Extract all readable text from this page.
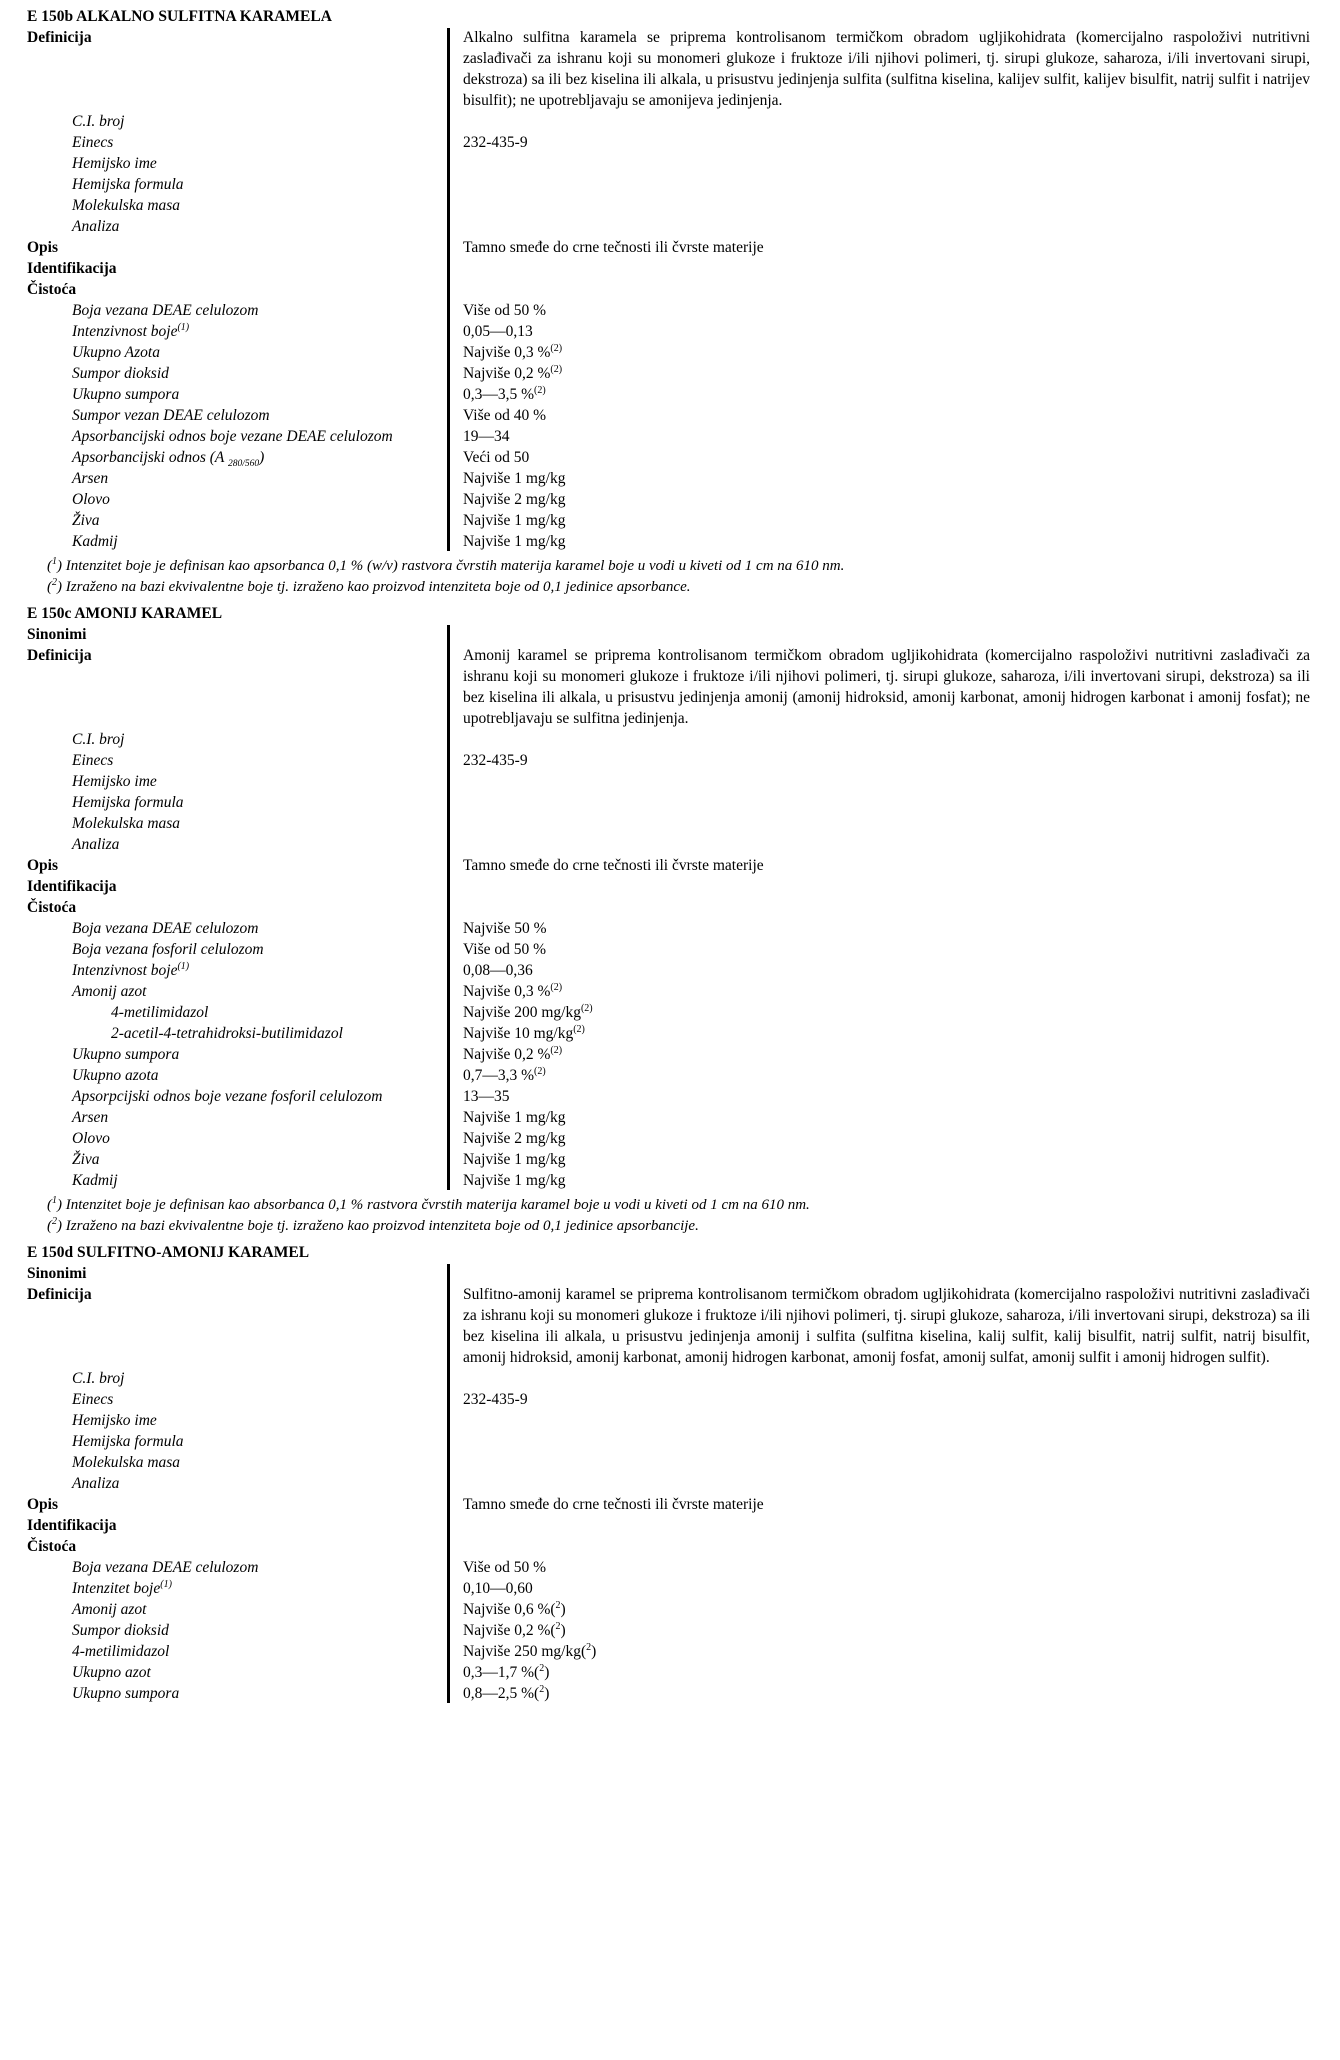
E 150b ALKALNO SULFITNA KARAMELA
Definicija	Alkalno sulfitna karamela se priprema kontrolisanom termičkom obradom ugljikohidrata (komercijalno raspoloživi nutritivni zaslađivači za ishranu koji su monomeri glukoze i fruktoze i/ili njihovi polimeri, tj. sirupi glukoze, saharoza, i/ili invertovani sirupi, dekstroza) sa ili bez kiselina ili alkala, u prisustvu jedinjenja sulfita (sulfitna kiselina, kalijev sulfit, kalijev bisulfit, natrij sulfit i natrijev bisulfit); ne upotrebljavaju se amonijeva jedinjenja.
C.I. broj
Einecs	232-435-9
Hemijsko ime
Hemijska formula
Molekulska masa
Analiza
Opis	Tamno smeđe do crne tečnosti ili čvrste materije
Identifikacija
Čistoća
Boja vezana DEAE celulozom	Više od 50 %
Intenzivnost boje$^{(1)}$	0,05—0,13
Ukupno Azota	Najviše 0,3 %$^{(2)}$
Sumpor dioksid	Najviše 0,2 %$^{(2)}$
Ukupno sumpora	0,3—3,5 %$^{(2)}$
Sumpor vezan DEAE celulozom	Više od 40 %
Apsorbancijski odnos boje vezane DEAE celulozom	19—34
Apsorbancijski odnos (A $_{280/560}$)	Veći od 50
Arsen	Najviše 1 mg/kg
Olovo	Najviše 2 mg/kg
Živa	Najviše 1 mg/kg
Kadmij	Najviše 1 mg/kg
($^1$) Intenzitet boje je definisan kao apsorbanca 0,1 % (w/v) rastvora čvrstih materija karamel boje u vodi u kiveti od 1 cm na 610 nm.
($^2$) Izraženo na bazi ekvivalentne boje tj. izraženo kao proizvod intenziteta boje od 0,1 jedinice apsorbance.
E 150c AMONIJ KARAMEL
Sinonimi
Definicija	Amonij karamel se priprema kontrolisanom termičkom obradom ugljikohidrata (komercijalno raspoloživi nutritivni zaslađivači za ishranu koji su monomeri glukoze i fruktoze i/ili njihovi polimeri, tj. sirupi glukoze, saharoza, i/ili invertovani sirupi, dekstroza) sa ili bez kiselina ili alkala, u prisustvu jedinjenja amonij (amonij hidroksid, amonij karbonat, amonij hidrogen karbonat i amonij fosfat); ne upotrebljavaju se sulfitna jedinjenja.
C.I. broj
Einecs	232-435-9
Hemijsko ime
Hemijska formula
Molekulska masa
Analiza
Opis	Tamno smeđe do crne tečnosti ili čvrste materije
Identifikacija
Čistoća
Boja vezana DEAE celulozom	Najviše 50 %
Boja vezana fosforil celulozom	Više od 50 %
Intenzivnost boje$^{(1)}$	0,08—0,36
Amonij azot	Najviše 0,3 %$^{(2)}$
4-metilimidazol	Najviše 200 $mg/kg^{(2)}$
2-acetil-4-tetrahidroksi-butilimidazol	Najviše 10 $mg/kg^{(2)}$
Ukupno sumpora	Najviše 0,2 %$^{(2)}$
Ukupno azota	0,7—3,3 %$^{(2)}$
Apsorpcijski odnos boje vezane fosforil celulozom	13—35
Arsen	Najviše 1 mg/kg
Olovo	Najviše 2 mg/kg
Živa	Najviše 1 mg/kg
Kadmij	Najviše 1 mg/kg
($^1$) Intenzitet boje je definisan kao absorbanca 0,1 % rastvora čvrstih materija karamel boje u vodi u kiveti od 1 cm na 610 nm.
($^2$) Izraženo na bazi ekvivalentne boje tj. izraženo kao proizvod intenziteta boje od 0,1 jedinice apsorbancije.
E 150d SULFITNO-AMONIJ KARAMEL
Sinonimi
Definicija	Sulfitno-amonij karamel se priprema kontrolisanom termičkom obradom ugljikohidrata (komercijalno raspoloživi nutritivni zaslađivači za ishranu koji su monomeri glukoze i fruktoze i/ili njihovi polimeri, tj. sirupi glukoze, saharoza, i/ili invertovani sirupi, dekstroza) sa ili bez kiselina ili alkala, u prisustvu jedinjenja amonij i sulfita (sulfitna kiselina, kalij sulfit, kalij bisulfit, natrij sulfit, natrij bisulfit, amonij hidroksid, amonij karbonat, amonij hidrogen karbonat, amonij fosfat, amonij sulfat, amonij sulfit i amonij hidrogen sulfit).
C.I. broj
Einecs	232-435-9
Hemijsko ime
Hemijska formula
Molekulska masa
Analiza
Opis	Tamno smeđe do crne tečnosti ili čvrste materije
Identifikacija
Čistoća
Boja vezana DEAE celulozom	Više od 50 %
Intenzitet boje$^{(1)}$	0,10—0,60
Amonij azot	Najviše 0,6 %($^2$)
Sumpor dioksid	Najviše 0,2 %($^2$)
4-metilimidazol	Najviše 250 mg/kg($^2$)
Ukupno azot	0,3—1,7 %($^2$)
Ukupno sumpora	0,8—2,5 %($^2$)
